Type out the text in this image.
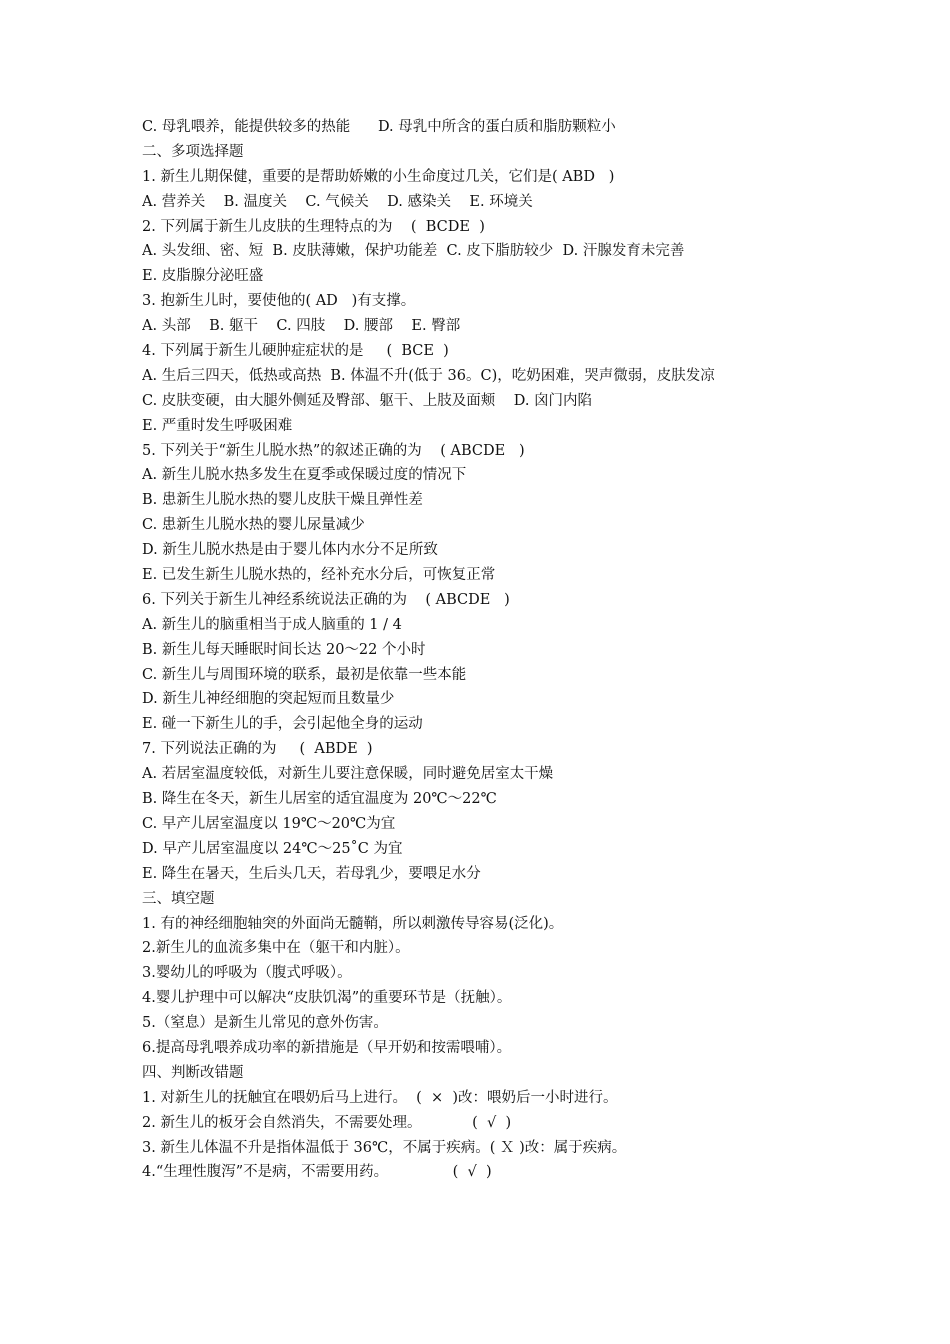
C. 母乳喂养，能提供较多的热能      D. 母乳中所含的蛋白质和脂肪颗粒小
二、多项选择题
1. 新生儿期保健，重要的是帮助娇嫩的小生命度过几关，它们是( ABD   )
A. 营养关    B. 温度关    C. 气候关    D. 感染关    E. 环境关
2. 下列属于新生儿皮肤的生理特点的为    (  BCDE  )
A. 头发细、密、短  B. 皮肤薄嫩，保护功能差  C. 皮下脂肪较少  D. 汗腺发育未完善
E. 皮脂腺分泌旺盛
3. 抱新生儿时，要使他的( AD   )有支撑。
A. 头部    B. 躯干    C. 四肢    D. 腰部    E. 臀部
4. 下列属于新生儿硬肿症症状的是     (  BCE  )
A. 生后三四天，低热或高热  B. 体温不升(低于 36。C)，吃奶困难，哭声微弱，皮肤发凉
C. 皮肤变硬，由大腿外侧延及臀部、躯干、上肢及面颊    D. 囟门内陷
E. 严重时发生呼吸困难
5. 下列关于“新生儿脱水热”的叙述正确的为    ( ABCDE   )
A. 新生儿脱水热多发生在夏季或保暖过度的情况下
B. 患新生儿脱水热的婴儿皮肤干燥且弹性差
C. 患新生儿脱水热的婴儿尿量减少
D. 新生儿脱水热是由于婴儿体内水分不足所致
E. 已发生新生儿脱水热的，经补充水分后，可恢复正常
6. 下列关于新生儿神经系统说法正确的为    ( ABCDE   )
A. 新生儿的脑重相当于成人脑重的 1 / 4
B. 新生儿每天睡眠时间长达 20～22 个小时
C. 新生儿与周围环境的联系，最初是依靠一些本能
D. 新生儿神经细胞的突起短而且数量少
E. 碰一下新生儿的手，会引起他全身的运动
7. 下列说法正确的为     (  ABDE  )
A. 若居室温度较低，对新生儿要注意保暖，同时避免居室太干燥
B. 降生在冬天，新生儿居室的适宜温度为 20℃～22℃
C. 早产儿居室温度以 19℃～20℃为宜
D. 早产儿居室温度以 24℃～25˚C 为宜
E. 降生在暑天，生后头几天，若母乳少，要喂足水分
三、填空题
1. 有的神经细胞轴突的外面尚无髓鞘，所以刺激传导容易(泛化)。
2.新生儿的血流多集中在（躯干和内脏）。
3.婴幼儿的呼吸为（腹式呼吸）。
4.婴儿护理中可以解决“皮肤饥渴”的重要环节是（抚触）。
5.（窒息）是新生儿常见的意外伤害。
6.提高母乳喂养成功率的新措施是（早开奶和按需喂哺）。
四、判断改错题
1. 对新生儿的抚触宜在喂奶后马上进行。  (  ×  )改：喂奶后一小时进行。
2. 新生儿的板牙会自然消失，不需要处理。           (  √  )
3. 新生儿体温不升是指体温低于 36℃，不属于疾病。( Ｘ )改：属于疾病。
4.“生理性腹泻”不是病，不需要用药。              (  √  )
